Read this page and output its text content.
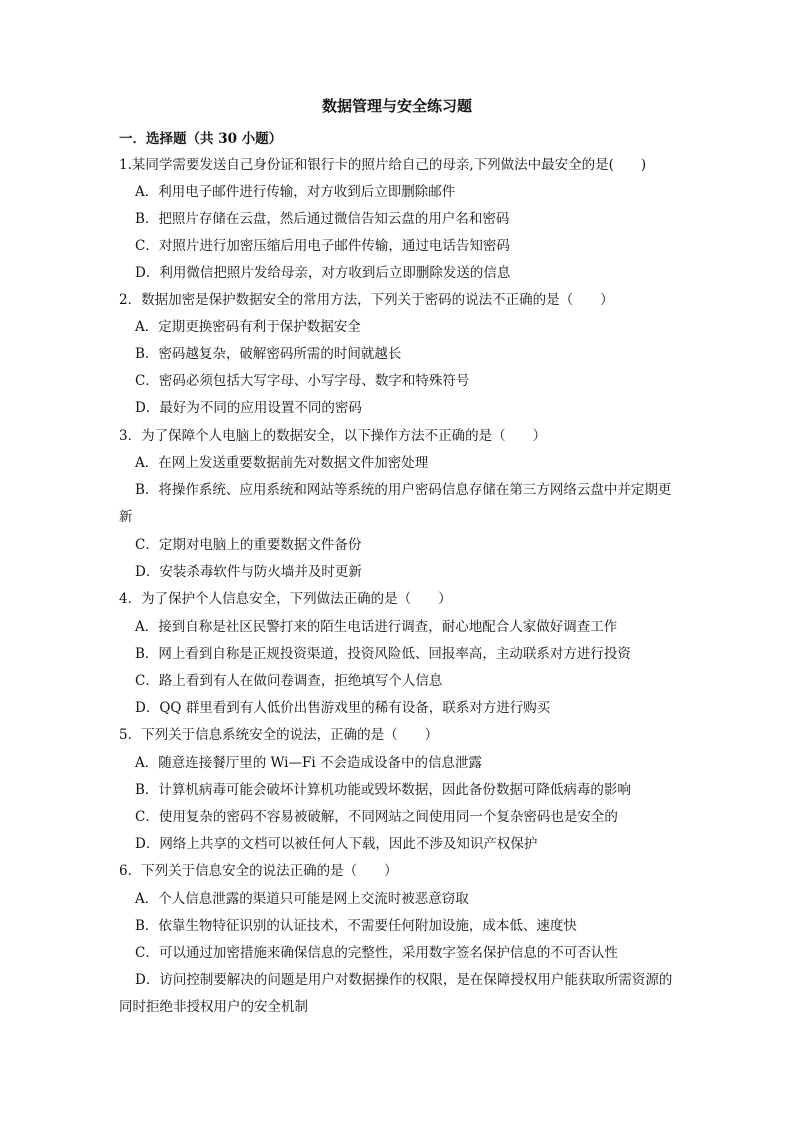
数据管理与安全练习题
一．选择题（共 30 小题）
1.某同学需要发送自己身份证和银行卡的照片给自己的母亲,下列做法中最安全的是(　　)
A．利用电子邮件进行传输，对方收到后立即删除邮件
B．把照片存储在云盘，然后通过微信告知云盘的用户名和密码
C．对照片进行加密压缩后用电子邮件传输，通过电话告知密码
D．利用微信把照片发给母亲，对方收到后立即删除发送的信息
2．数据加密是保护数据安全的常用方法，下列关于密码的说法不正确的是（　　）
A．定期更换密码有利于保护数据安全
B．密码越复杂，破解密码所需的时间就越长
C．密码必须包括大写字母、小写字母、数字和特殊符号
D．最好为不同的应用设置不同的密码
3．为了保障个人电脑上的数据安全，以下操作方法不正确的是（　　）
A．在网上发送重要数据前先对数据文件加密处理
B．将操作系统、应用系统和网站等系统的用户密码信息存储在第三方网络云盘中并定期更新
C．定期对电脑上的重要数据文件备份
D．安装杀毒软件与防火墙并及时更新
4．为了保护个人信息安全，下列做法正确的是（　　）
A．接到自称是社区民警打来的陌生电话进行调查，耐心地配合人家做好调查工作
B．网上看到自称是正规投资渠道，投资风险低、回报率高，主动联系对方进行投资
C．路上看到有人在做问卷调查，拒绝填写个人信息
D．QQ 群里看到有人低价出售游戏里的稀有设备，联系对方进行购买
5．下列关于信息系统安全的说法，正确的是（　　）
A．随意连接餐厅里的 Wi—Fi 不会造成设备中的信息泄露
B．计算机病毒可能会破坏计算机功能或毁坏数据，因此备份数据可降低病毒的影响
C．使用复杂的密码不容易被破解，不同网站之间使用同一个复杂密码也是安全的
D．网络上共享的文档可以被任何人下载，因此不涉及知识产权保护
6．下列关于信息安全的说法正确的是（　　）
A．个人信息泄露的渠道只可能是网上交流时被恶意窃取
B．依靠生物特征识别的认证技术，不需要任何附加设施，成本低、速度快
C．可以通过加密措施来确保信息的完整性，采用数字签名保护信息的不可否认性
D．访问控制要解决的问题是用户对数据操作的权限，是在保障授权用户能获取所需资源的同时拒绝非授权用户的安全机制
